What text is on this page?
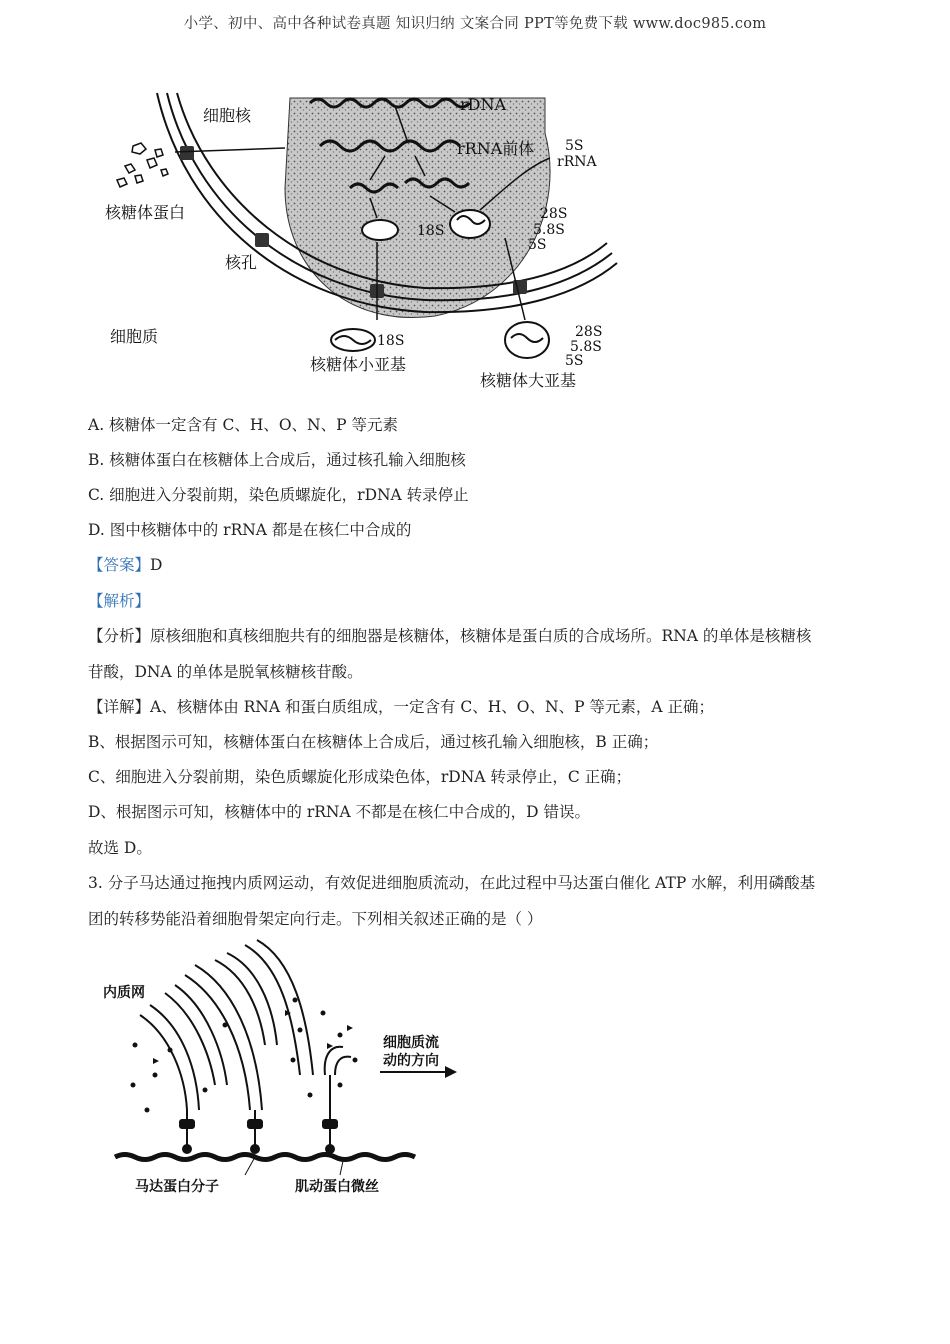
小学、初中、高中各种试卷真题 知识归纳 文案合同 PPT等免费下载 www.doc985.com
细胞核
rDNA
rRNA前体 5S
rRNA
核糖体蛋白
18S
28S
5.8S
5S
核孔
细胞质	18S
核糖体小亚基
28S
5.8S
5S
核糖体大亚基
A. 核糖体一定含有 C、H、O、N、P 等元素
B. 核糖体蛋白在核糖体上合成后，通过核孔输入细胞核
C. 细胞进入分裂前期，染色质螺旋化，rDNA 转录停止
D. 图中核糖体中的 rRNA 都是在核仁中合成的
【答案】D
【解析】
【分析】原核细胞和真核细胞共有的细胞器是核糖体，核糖体是蛋白质的合成场所。RNA 的单体是核糖核
苷酸，DNA 的单体是脱氧核糖核苷酸。
【详解】A、核糖体由 RNA 和蛋白质组成，一定含有 C、H、O、N、P 等元素，A 正确；
B、根据图示可知，核糖体蛋白在核糖体上合成后，通过核孔输入细胞核，B 正确；
C、细胞进入分裂前期，染色质螺旋化形成染色体，rDNA 转录停止，C 正确；
D、根据图示可知，核糖体中的 rRNA 不都是在核仁中合成的，D 错误。
故选 D。
3. 分子马达通过拖拽内质网运动，有效促进细胞质流动，在此过程中马达蛋白催化 ATP 水解，利用磷酸基
团的转移势能沿着细胞骨架定向行走。下列相关叙述正确的是（ ）
内质网
细胞质流
动的方向
马达蛋白分子	肌动蛋白微丝
